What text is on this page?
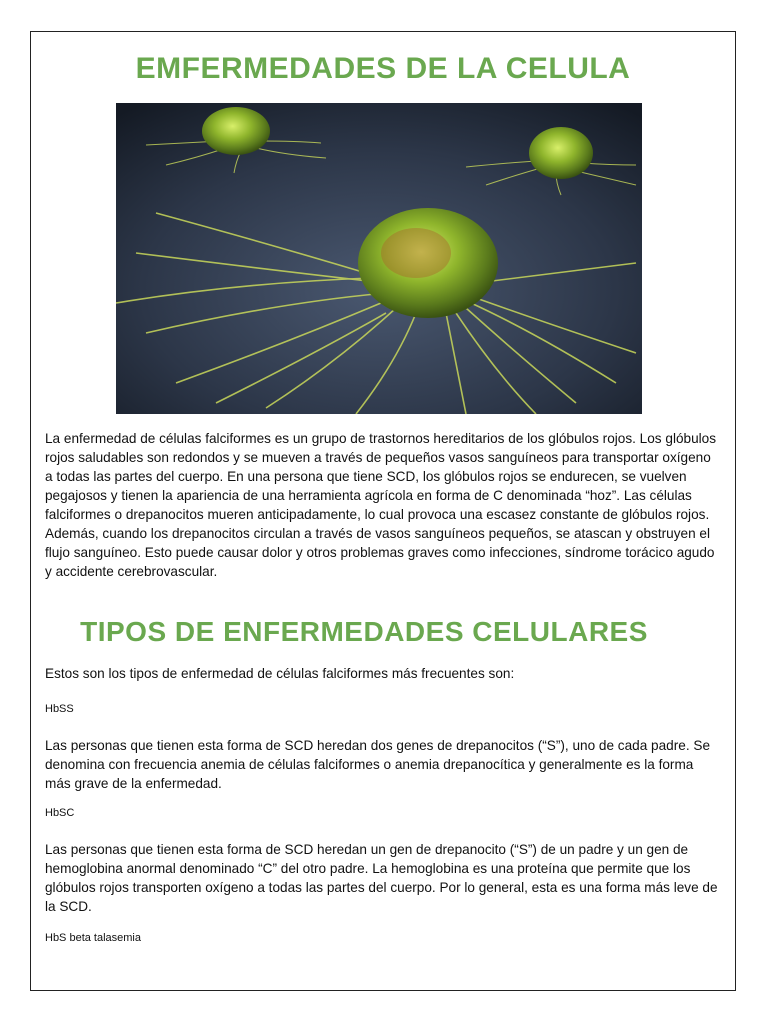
EMFERMEDADES DE LA CELULA

La enfermedad de células falciformes es un grupo de trastornos hereditarios de los glóbulos rojos. Los glóbulos rojos saludables son redondos y se mueven a través de pequeños vasos sanguíneos para transportar oxígeno a todas las partes del cuerpo. En una persona que tiene SCD, los glóbulos rojos se endurecen, se vuelven pegajosos y tienen la apariencia de una herramienta agrícola en forma de C denominada “hoz”. Las células falciformes o drepanocitos mueren anticipadamente, lo cual provoca una escasez constante de glóbulos rojos. Además, cuando los drepanocitos circulan a través de vasos sanguíneos pequeños, se atascan y obstruyen el flujo sanguíneo. Esto puede causar dolor y otros problemas graves como infecciones, síndrome torácico agudo y accidente cerebrovascular.

TIPOS DE ENFERMEDADES CELULARES

Estos son los tipos de enfermedad de células falciformes más frecuentes son:

HbSS

Las personas que tienen esta forma de SCD heredan dos genes de drepanocitos (“S”), uno de cada padre. Se denomina con frecuencia anemia de células falciformes o anemia drepanocítica y generalmente es la forma más grave de la enfermedad.

HbSC

Las personas que tienen esta forma de SCD heredan un gen de drepanocito (“S”) de un padre y un gen de hemoglobina anormal denominado “C” del otro padre. La hemoglobina es una proteína que permite que los glóbulos rojos transporten oxígeno a todas las partes del cuerpo. Por lo general, esta es una forma más leve de la SCD.

HbS beta talasemia
